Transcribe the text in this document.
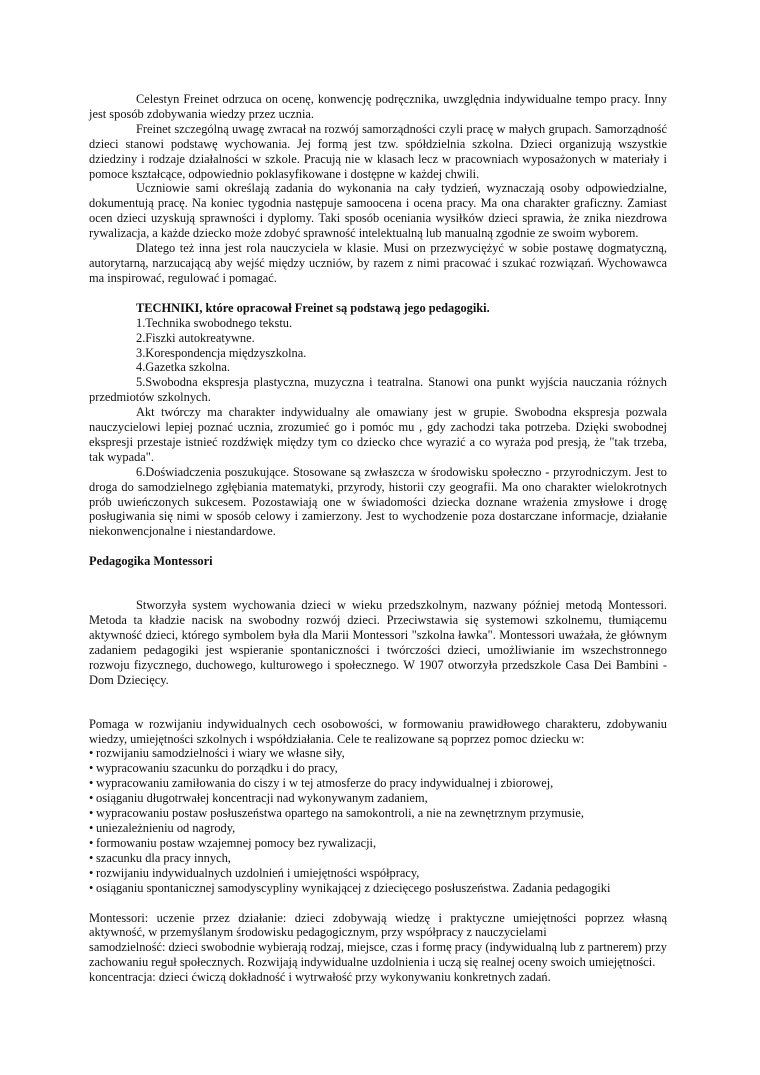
Celestyn Freinet odrzuca on ocenę, konwencję podręcznika, uwzględnia indywidualne tempo pracy. Inny jest sposób zdobywania wiedzy przez ucznia.

Freinet szczególną uwagę zwracał na rozwój samorządności czyli pracę w małych grupach. Samorządność dzieci stanowi podstawę wychowania. Jej formą jest tzw. spółdzielnia szkolna. Dzieci organizują wszystkie dziedziny i rodzaje działalności w szkole. Pracują nie w klasach lecz w pracowniach wyposażonych w materiały i pomoce kształcące, odpowiednio poklasyfikowane i dostępne w każdej chwili.

Uczniowie sami określają zadania do wykonania na cały tydzień, wyznaczają osoby odpowiedzialne, dokumentują pracę. Na koniec tygodnia następuje samoocena i ocena pracy. Ma ona charakter graficzny. Zamiast ocen dzieci uzyskują sprawności i dyplomy. Taki sposób oceniania wysiłków dzieci sprawia, że znika niezdrowa rywalizacja, a każde dziecko może zdobyć sprawność intelektualną lub manualną zgodnie ze swoim wyborem.

Dlatego też inna jest rola nauczyciela w klasie. Musi on przezwyciężyć w sobie postawę dogmatyczną, autorytarną, narzucającą aby wejść między uczniów, by razem z nimi pracować i szukać rozwiązań. Wychowawca ma inspirować, regulować i pomagać.

TECHNIKI, które opracował Freinet są podstawą jego pedagogiki.

1.Technika swobodnego tekstu.
2.Fiszki autokreatywne.
3.Korespondencja międzyszkolna.
4.Gazetka szkolna.
5.Swobodna ekspresja plastyczna, muzyczna i teatralna. Stanowi ona punkt wyjścia nauczania różnych przedmiotów szkolnych.

Akt twórczy ma charakter indywidualny ale omawiany jest w grupie. Swobodna ekspresja pozwala nauczycielowi lepiej poznać ucznia, zrozumieć go i pomóc mu , gdy zachodzi taka potrzeba. Dzięki swobodnej ekspresji przestaje istnieć rozdźwięk między tym co dziecko chce wyrazić a co wyraża pod presją, że "tak trzeba, tak wypada".

6.Doświadczenia poszukujące. Stosowane są zwłaszcza w środowisku społeczno - przyrodniczym. Jest to droga do samodzielnego zgłębiania matematyki, przyrody, historii czy geografii. Ma ono charakter wielokrotnych prób uwieńczonych sukcesem. Pozostawiają one w świadomości dziecka doznane wrażenia zmysłowe i drogę posługiwania się nimi w sposób celowy i zamierzony. Jest to wychodzenie poza dostarczane informacje, działanie niekonwencjonalne i niestandardowe.

Pedagogika Montessori

Stworzyła system wychowania dzieci w wieku przedszkolnym, nazwany później metodą Montessori. Metoda ta kładzie nacisk na swobodny rozwój dzieci. Przeciwstawia się systemowi szkolnemu, tłumiącemu aktywność dzieci, którego symbolem była dla Marii Montessori "szkolna ławka". Montessori uważała, że głównym zadaniem pedagogiki jest wspieranie spontaniczności i twórczości dzieci, umożliwianie im wszechstronnego rozwoju fizycznego, duchowego, kulturowego i społecznego. W 1907 otworzyła przedszkole Casa Dei Bambini - Dom Dziecięcy.

Pomaga w rozwijaniu indywidualnych cech osobowości, w formowaniu prawidłowego charakteru, zdobywaniu wiedzy, umiejętności szkolnych i współdziałania. Cele te realizowane są poprzez pomoc dziecku w:

• rozwijaniu samodzielności i wiary we własne siły,
• wypracowaniu szacunku do porządku i do pracy,
• wypracowaniu zamiłowania do ciszy i w tej atmosferze do pracy indywidualnej i zbiorowej,
• osiąganiu długotrwałej koncentracji nad wykonywanym zadaniem,
• wypracowaniu postaw posłuszeństwa opartego na samokontroli, a nie na zewnętrznym przymusie,
• uniezależnieniu od nagrody,
• formowaniu postaw wzajemnej pomocy bez rywalizacji,
• szacunku dla pracy innych,
• rozwijaniu indywidualnych uzdolnień i umiejętności współpracy,
• osiąganiu spontanicznej samodyscypliny wynikającej z dziecięcego posłuszeństwa. Zadania pedagogiki

Montessori: uczenie przez działanie: dzieci zdobywają wiedzę i praktyczne umiejętności poprzez własną aktywność, w przemyślanym środowisku pedagogicznym, przy współpracy z nauczycielami

samodzielność: dzieci swobodnie wybierają rodzaj, miejsce, czas i formę pracy (indywidualną lub z partnerem) przy zachowaniu reguł społecznych. Rozwijają indywidualne uzdolnienia i uczą się realnej oceny swoich umiejętności.

koncentracja: dzieci ćwiczą dokładność i wytrwałość przy wykonywaniu konkretnych zadań.
